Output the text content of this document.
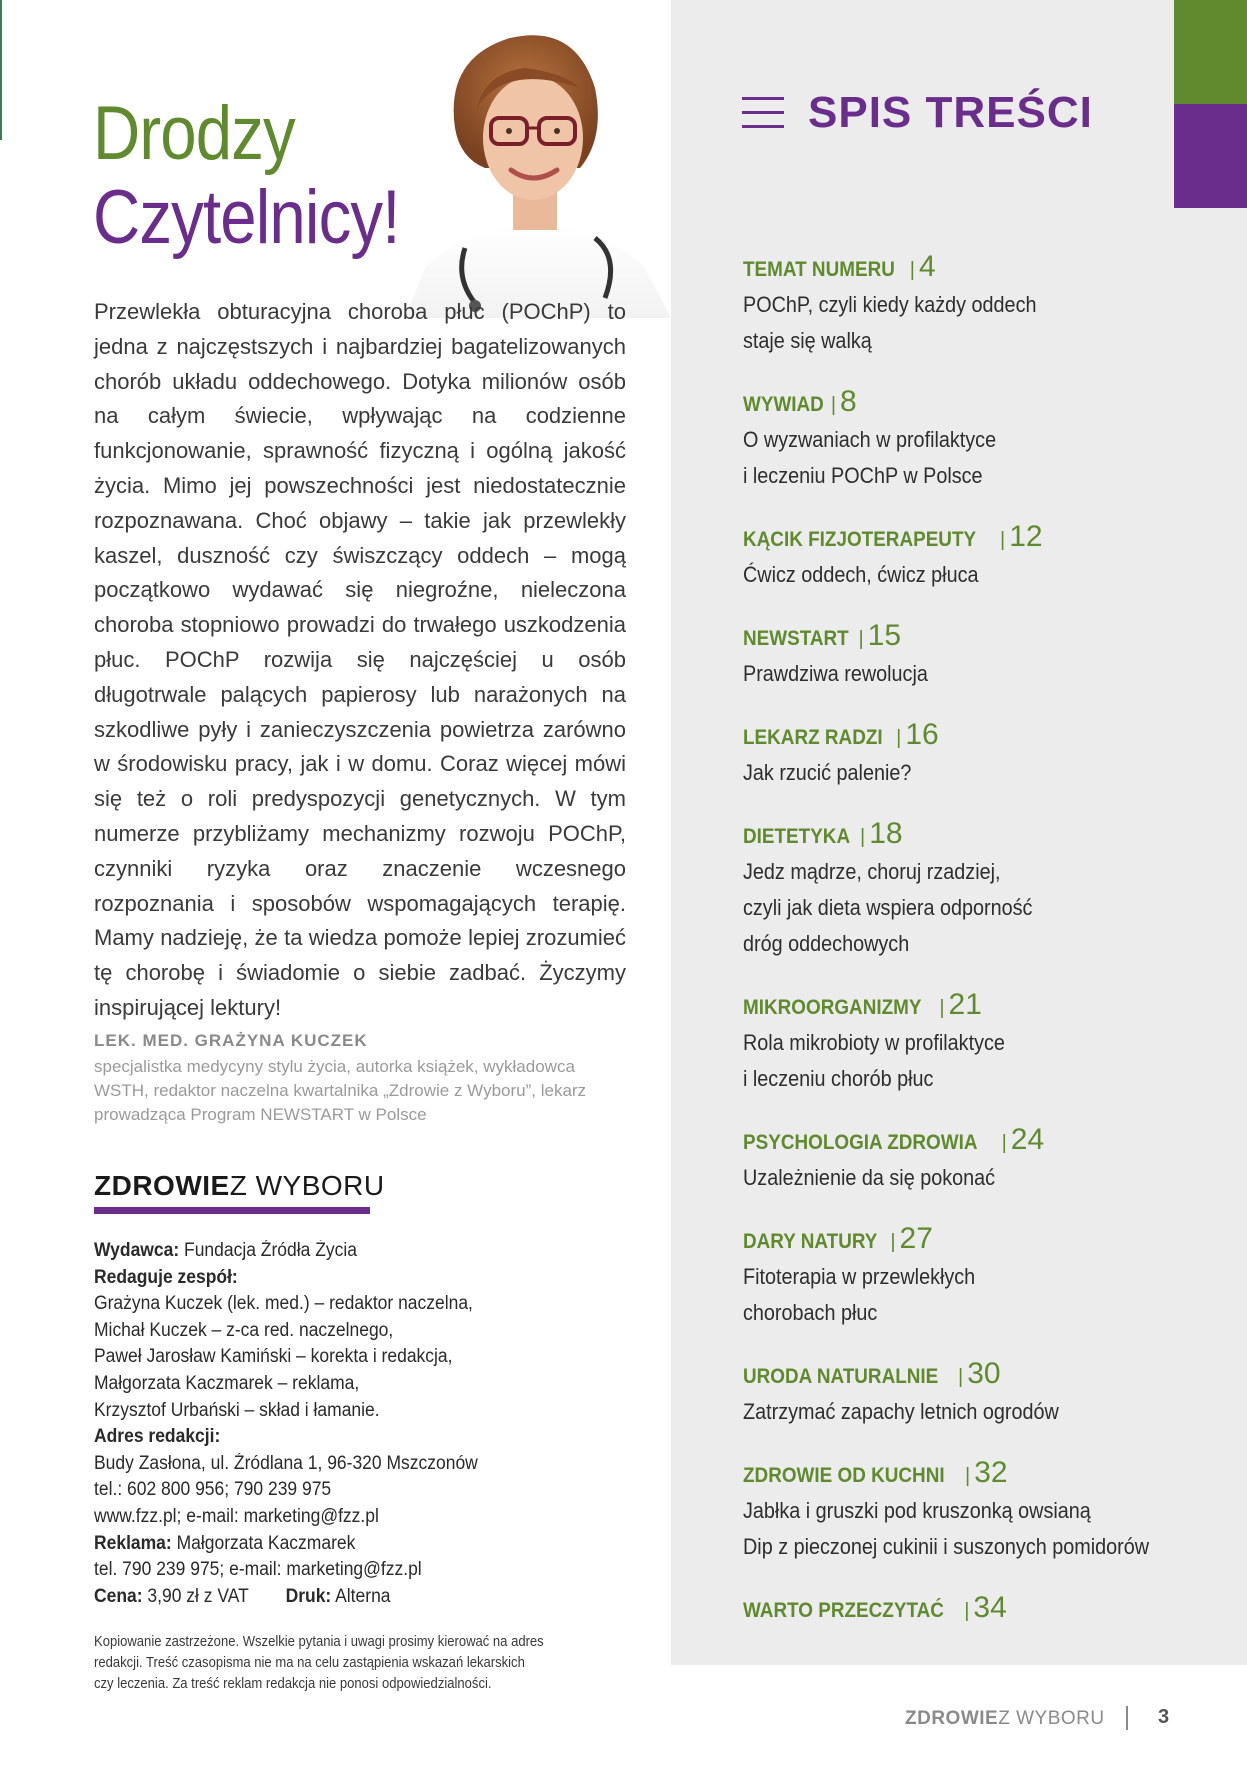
Drodzy
Czytelnicy!

Przewlekła obturacyjna choroba płuc (POChP) to jedna z najczęstszych i najbardziej bagatelizowanych chorób układu oddechowego. Dotyka milionów osób na całym świecie, wpływając na codzienne funkcjonowanie, sprawność fizyczną i ogólną jakość życia. Mimo jej powszechności jest niedostatecznie rozpoznawana. Choć objawy – takie jak przewlekły kaszel, duszność czy świszczący oddech – mogą początkowo wydawać się niegroźne, nieleczona choroba stopniowo prowadzi do trwałego uszkodzenia płuc. POChP rozwija się najczęściej u osób długotrwale palących papierosy lub narażonych na szkodliwe pyły i zanieczyszczenia powietrza zarówno w środowisku pracy, jak i w domu. Coraz więcej mówi się też o roli predyspozycji genetycznych. W tym numerze przybliżamy mechanizmy rozwoju POChP, czynniki ryzyka oraz znaczenie wczesnego rozpoznania i sposobów wspomagających terapię. Mamy nadzieję, że ta wiedza pomoże lepiej zrozumieć tę chorobę i świadomie o siebie zadbać. Życzymy inspirującej lektury!

LEK. MED. GRAŻYNA KUCZEK
specjalistka medycyny stylu życia, autorka książek, wykładowca WSTH, redaktor naczelna kwartalnika „Zdrowie z Wyboru”, lekarz prowadząca Program NEWSTART w Polsce
ZDROWIEZ WYBORU
Wydawca: Fundacja Źródła Życia
Redaguje zespół:
Grażyna Kuczek (lek. med.) – redaktor naczelna,
Michał Kuczek – z-ca red. naczelnego,
Paweł Jarosław Kamiński – korekta i redakcja,
Małgorzata Kaczmarek – reklama,
Krzysztof Urbański – skład i łamanie.
Adres redakcji:
Budy Zasłona, ul. Źródlana 1, 96-320 Mszczonów
tel.: 602 800 956; 790 239 975
www.fzz.pl; e-mail: marketing@fzz.pl
Reklama: Małgorzata Kaczmarek
tel. 790 239 975; e-mail: marketing@fzz.pl
Cena: 3,90 zł z VAT Druk: Alterna
Kopiowanie zastrzeżone. Wszelkie pytania i uwagi prosimy kierować na adres
redakcji. Treść czasopisma nie ma na celu zastąpienia wskazań lekarskich
czy leczenia. Za treść reklam redakcja nie ponosi odpowiedzialności.
SPIS TREŚCI
TEMAT NUMERU | 4
POChP, czyli kiedy każdy oddech
staje się walką
WYWIAD | 8
O wyzwaniach w profilaktyce
i leczeniu POChP w Polsce
KĄCIK FIZJOTERAPEUTY | 12
Ćwicz oddech, ćwicz płuca
NEWSTART | 15
Prawdziwa rewolucja
LEKARZ RADZI | 16
Jak rzucić palenie?
DIETETYKA | 18
Jedz mądrze, choruj rzadziej,
czyli jak dieta wspiera odporność
dróg oddechowych
MIKROORGANIZMY | 21
Rola mikrobioty w profilaktyce
i leczeniu chorób płuc
PSYCHOLOGIA ZDROWIA | 24
Uzależnienie da się pokonać
DARY NATURY | 27
Fitoterapia w przewlekłych
chorobach płuc
URODA NATURALNIE | 30
Zatrzymać zapachy letnich ogrodów
ZDROWIE OD KUCHNI | 32
Jabłka i gruszki pod kruszonką owsianą
Dip z pieczonej cukinii i suszonych pomidorów
WARTO PRZECZYTAĆ | 34
ZDROWIEZ WYBORU	3
